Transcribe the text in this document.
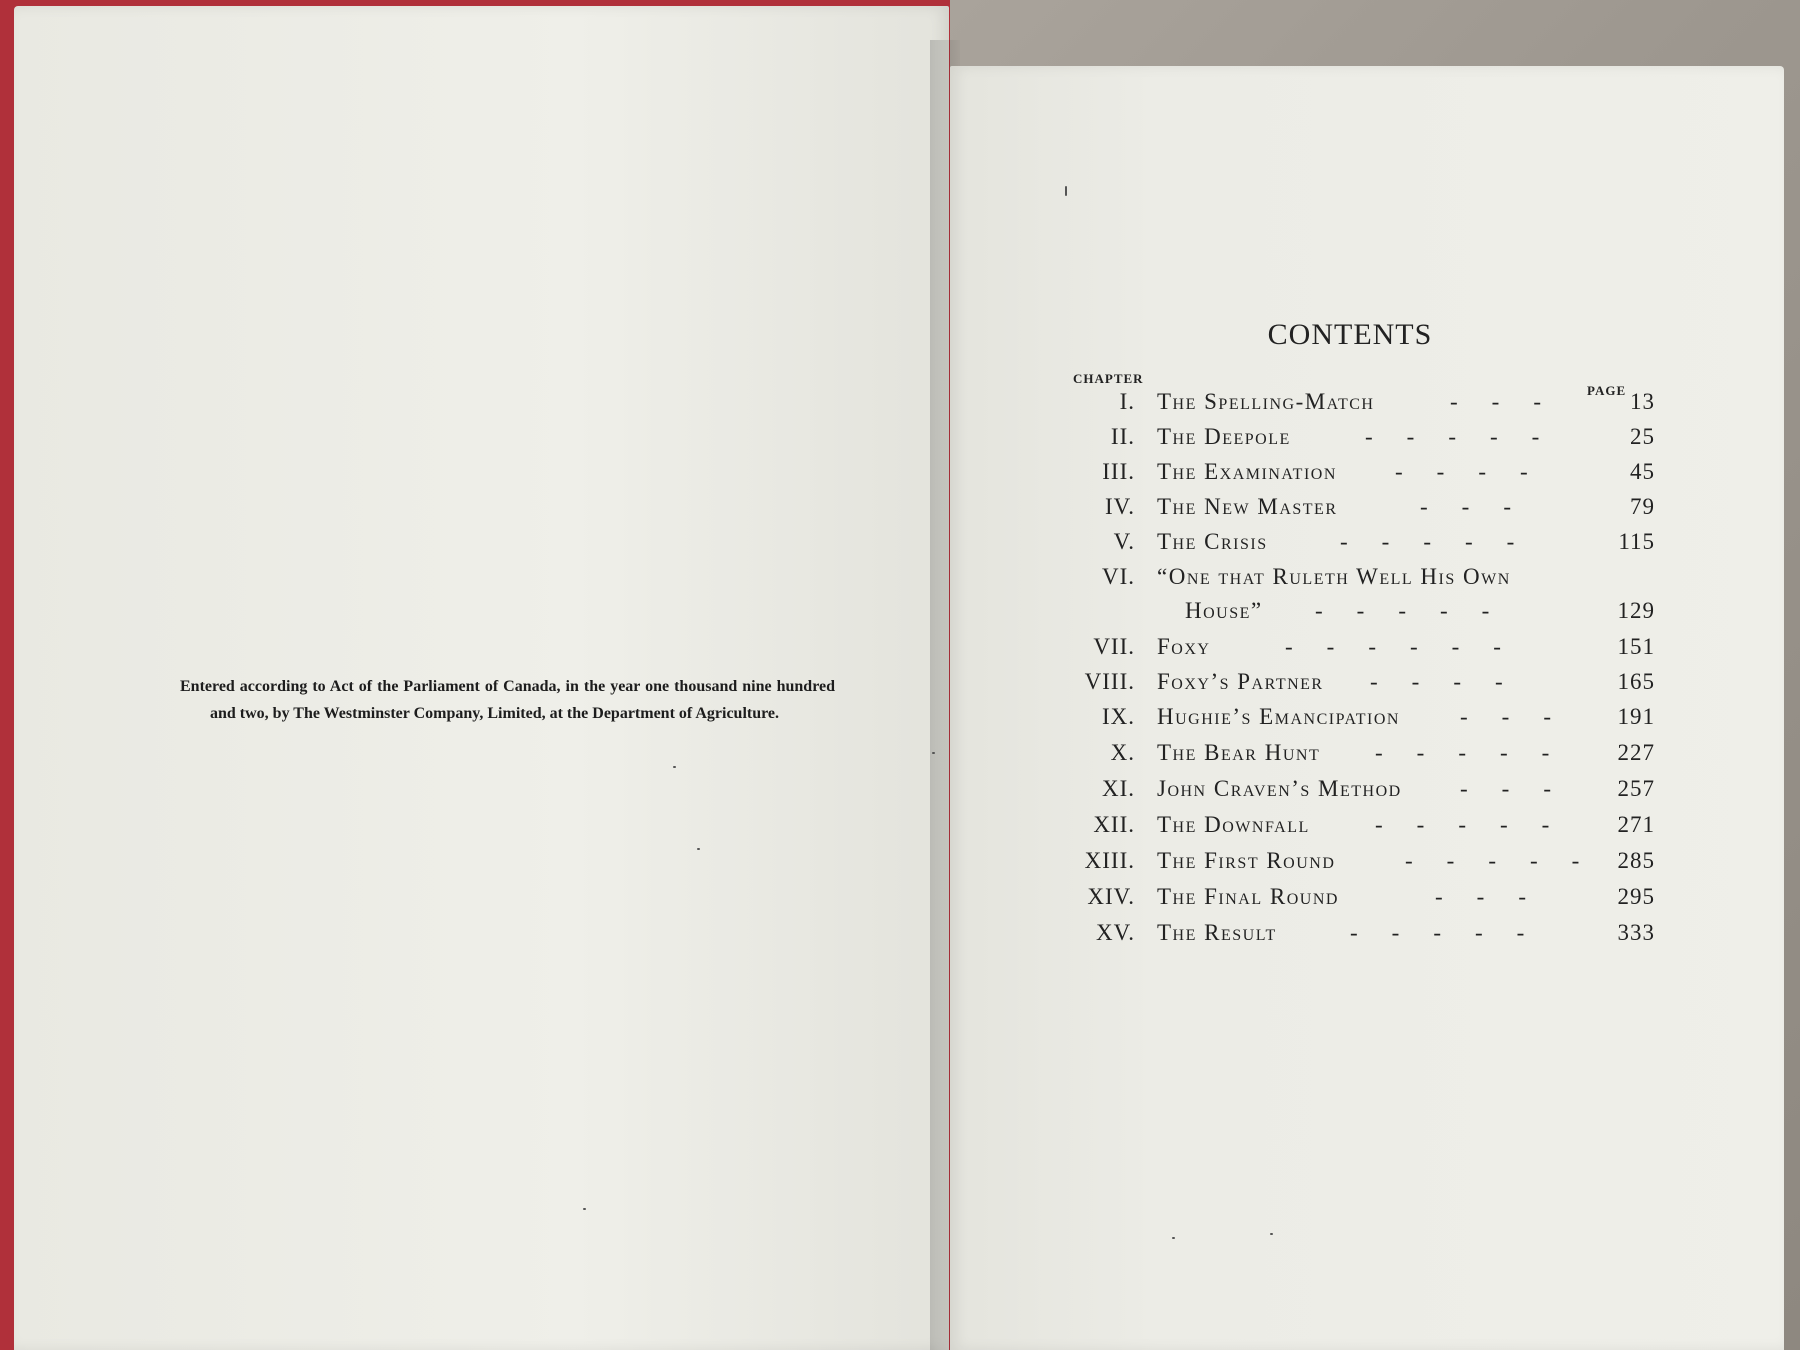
Entered according to Act of the Parliament of Canada, in the year one thousand nine hundred and two, by The Westminster Company, Limited, at the Department of Agriculture.

CONTENTS
CHAPTER
PAGE
I. The Spelling-Match	---	13
II. The Deepole	-----	25
III. The Examination	----	45
IV. The New Master	---	79
V. The Crisis	-----	115
VI. “One that Ruleth Well His Own
House” -----	129
VII. Foxy	------	151
VIII. Foxy’s Partner ----	165
IX. Hughie’s Emancipation	---	191
X. The Bear Hunt -----	227
XI. John Craven’s Method	---	257
XII. The Downfall	-----	271
XIII. The First Round	----- 285
XIV. The Final Round	---	295
XV. The Result	-----	333
